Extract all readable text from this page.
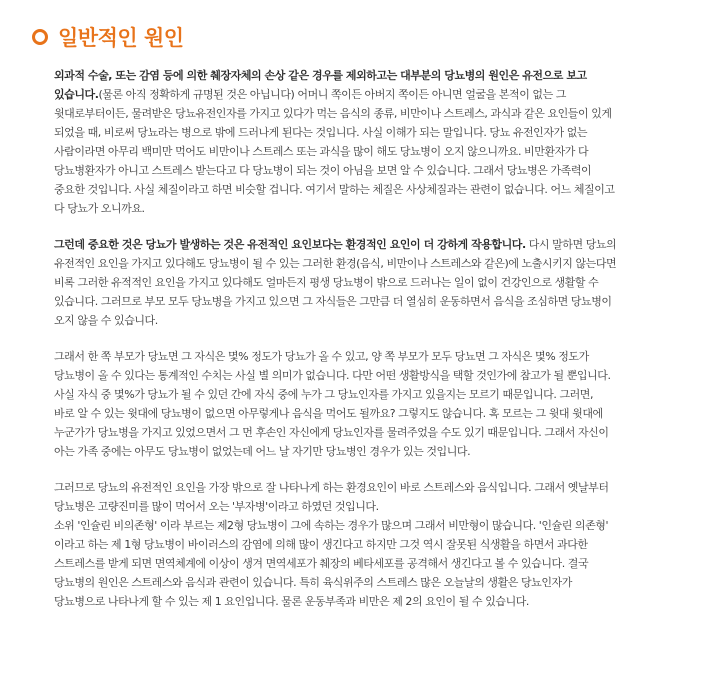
일반적인 원인
외과적 수술, 또는 감염 등에 의한 췌장자체의 손상 같은 경우를 제외하고는 대부분의 당뇨병의 원인은 유전으로 보고
있습니다.(물론 아직 정확하게 규명된 것은 아닙니다) 어머니 쪽이든 아버지 쪽이든 아니면 얼굴을 본적이 없는 그
윗대로부터이든, 물려받은 당뇨유전인자를 가지고 있다가 먹는 음식의 종류, 비만이나 스트레스, 과식과 같은 요인들이 있게
되었을 때, 비로써 당뇨라는 병으로 밖에 드러나게 된다는 것입니다. 사실 이해가 되는 말입니다. 당뇨 유전인자가 없는
사람이라면 아무리 백미만 먹어도 비만이나 스트레스 또는 과식을 많이 해도 당뇨병이 오지 않으니까요. 비만환자가 다
당뇨병환자가 아니고 스트레스 받는다고 다 당뇨병이 되는 것이 아님을 보면 알 수 있습니다. 그래서 당뇨병은 가족력이
중요한 것입니다. 사실 체질이라고 하면 비슷할 겁니다. 여기서 말하는 체질은 사상체질과는 관련이 없습니다. 어느 체질이고
다 당뇨가 오니까요.
그런데 중요한 것은 당뇨가 발생하는 것은 유전적인 요인보다는 환경적인 요인이 더 강하게 작용합니다. 다시 말하면 당뇨의
유전적인 요인을 가지고 있다해도 당뇨병이 될 수 있는 그러한 환경(음식, 비만이나 스트레스와 같은)에 노출시키지 않는다면
비록 그러한 유적적인 요인을 가지고 있다해도 얼마든지 평생 당뇨병이 밖으로 드러나는 일이 없이 건강인으로 생활할 수
있습니다. 그러므로 부모 모두 당뇨병을 가지고 있으면 그 자식들은 그만큼 더 열심히 운동하면서 음식을 조심하면 당뇨병이
오지 않을 수 있습니다.
그래서 한 쪽 부모가 당뇨면 그 자식은 몇% 정도가 당뇨가 올 수 있고, 양 쪽 부모가 모두 당뇨면 그 자식은 몇% 정도가
당뇨병이 올 수 있다는 통계적인 수치는 사실 별 의미가 없습니다. 다만 어떤 생활방식을 택할 것인가에 참고가 될 뿐입니다.
사실 자식 중 몇%가 당뇨가 될 수 있던 간에 자식 중에 누가 그 당뇨인자를 가지고 있을지는 모르기 때문입니다. 그러면,
바로 알 수 있는 윗대에 당뇨병이 없으면 아무렇게나 음식을 먹어도 될까요? 그렇지도 않습니다. 혹 모르는 그 윗대 윗대에
누군가가 당뇨병을 가지고 있었으면서 그 먼 후손인 자신에게 당뇨인자를 물려주었을 수도 있기 때문입니다. 그래서 자신이
아는 가족 중에는 아무도 당뇨병이 없었는데 어느 날 자기만 당뇨병인 경우가 있는 것입니다.
그러므로 당뇨의 유전적인 요인을 가장 밖으로 잘 나타나게 하는 환경요인이 바로 스트레스와 음식입니다. 그래서 옛날부터
당뇨병은 고량진미를 많이 먹어서 오는 '부자병'이라고 하였던 것입니다.
소위 '인슐린 비의존형' 이라 부르는 제2형 당뇨병이 그에 속하는 경우가 많으며 그래서 비만형이 많습니다. '인슐린 의존형'
이라고 하는 제 1형 당뇨병이 바이러스의 감염에 의해 많이 생긴다고 하지만 그것 역시 잘못된 식생활을 하면서 과다한
스트레스를 받게 되면 면역체계에 이상이 생겨 면역세포가 췌장의 베타세포를 공격해서 생긴다고 볼 수 있습니다. 결국
당뇨병의 원인은 스트레스와 음식과 관련이 있습니다. 특히 육식위주의 스트레스 많은 오늘날의 생활은 당뇨인자가
당뇨병으로 나타나게 할 수 있는 제 1 요인입니다. 물론 운동부족과 비만은 제 2의 요인이 될 수 있습니다.
